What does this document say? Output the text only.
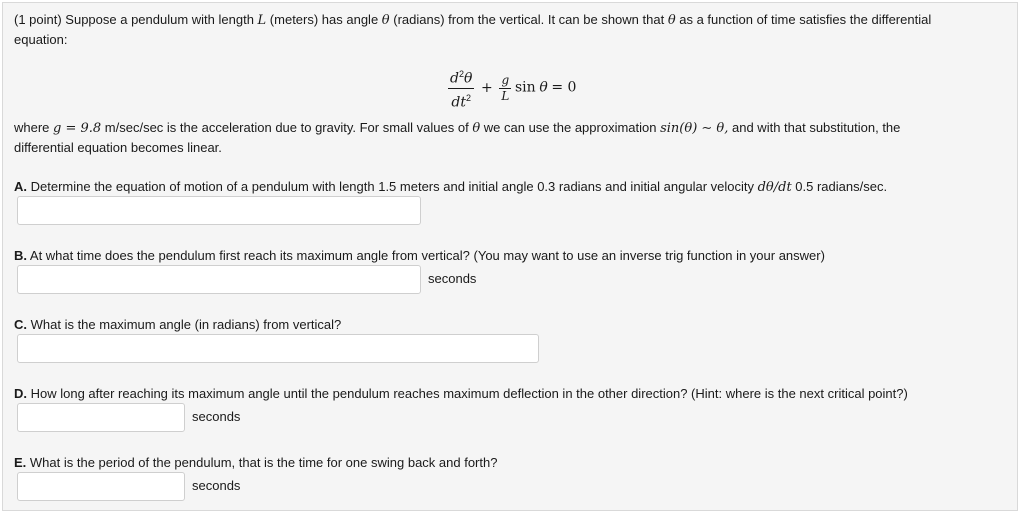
(1 point) Suppose a pendulum with length L (meters) has angle θ (radians) from the vertical. It can be shown that θ as a function of time satisfies the differential
equation:
$\frac{d^2\theta}{dt^2} + \frac{g}{L}$ sin θ = 0
where g = 9.8 m/sec/sec is the acceleration due to gravity. For small values of θ we can use the approximation sin(θ) ∼ θ, and with that substitution, the
differential equation becomes linear.
A. Determine the equation of motion of a pendulum with length 1.5 meters and initial angle 0.3 radians and initial angular velocity dθ/dt 0.5 radians/sec.
B. At what time does the pendulum first reach its maximum angle from vertical? (You may want to use an inverse trig function in your answer)
seconds
C. What is the maximum angle (in radians) from vertical?
D. How long after reaching its maximum angle until the pendulum reaches maximum deflection in the other direction? (Hint: where is the next critical point?)
seconds
E. What is the period of the pendulum, that is the time for one swing back and forth?
seconds
